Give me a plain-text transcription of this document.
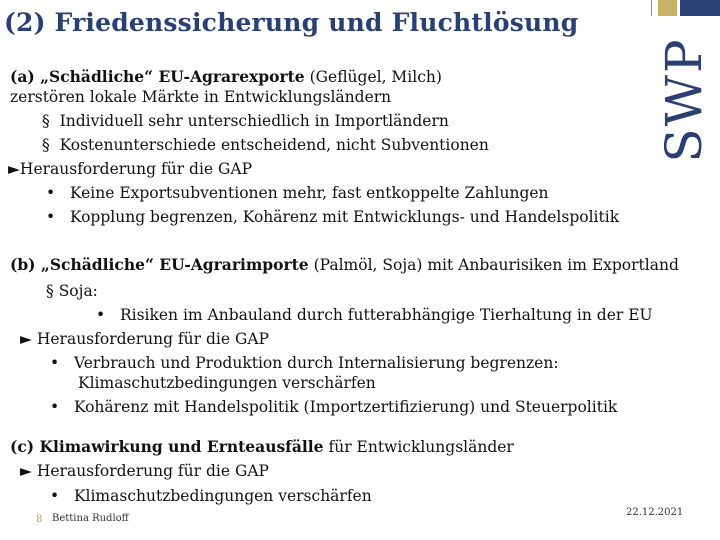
(2) Friedenssicherung und Fluchtlösung
SWP
(a) „Schädliche“ EU-Agrarexporte (Geflügel, Milch)
zerstören lokale Märkte in Entwicklungsländern
§ Individuell sehr unterschiedlich in Importländern
§ Kostenunterschiede entscheidend, nicht Subventionen
►Herausforderung für die GAP
• Keine Exportsubventionen mehr, fast entkoppelte Zahlungen
• Kopplung begrenzen, Kohärenz mit Entwicklungs- und Handelspolitik
(b) „Schädliche“ EU-Agrarimporte (Palmöl, Soja) mit Anbaurisiken im Exportland
§ Soja:
• Risiken im Anbauland durch futterabhängige Tierhaltung in der EU
► Herausforderung für die GAP
• Verbrauch und Produktion durch Internalisierung begrenzen:
Klimaschutzbedingungen verschärfen
• Kohärenz mit Handelspolitik (Importzertifizierung) und Steuerpolitik
(c) Klimawirkung und Ernteausfälle für Entwicklungsländer
► Herausforderung für die GAP
• Klimaschutzbedingungen verschärfen
8 Bettina Rudloff
22.12.2021
